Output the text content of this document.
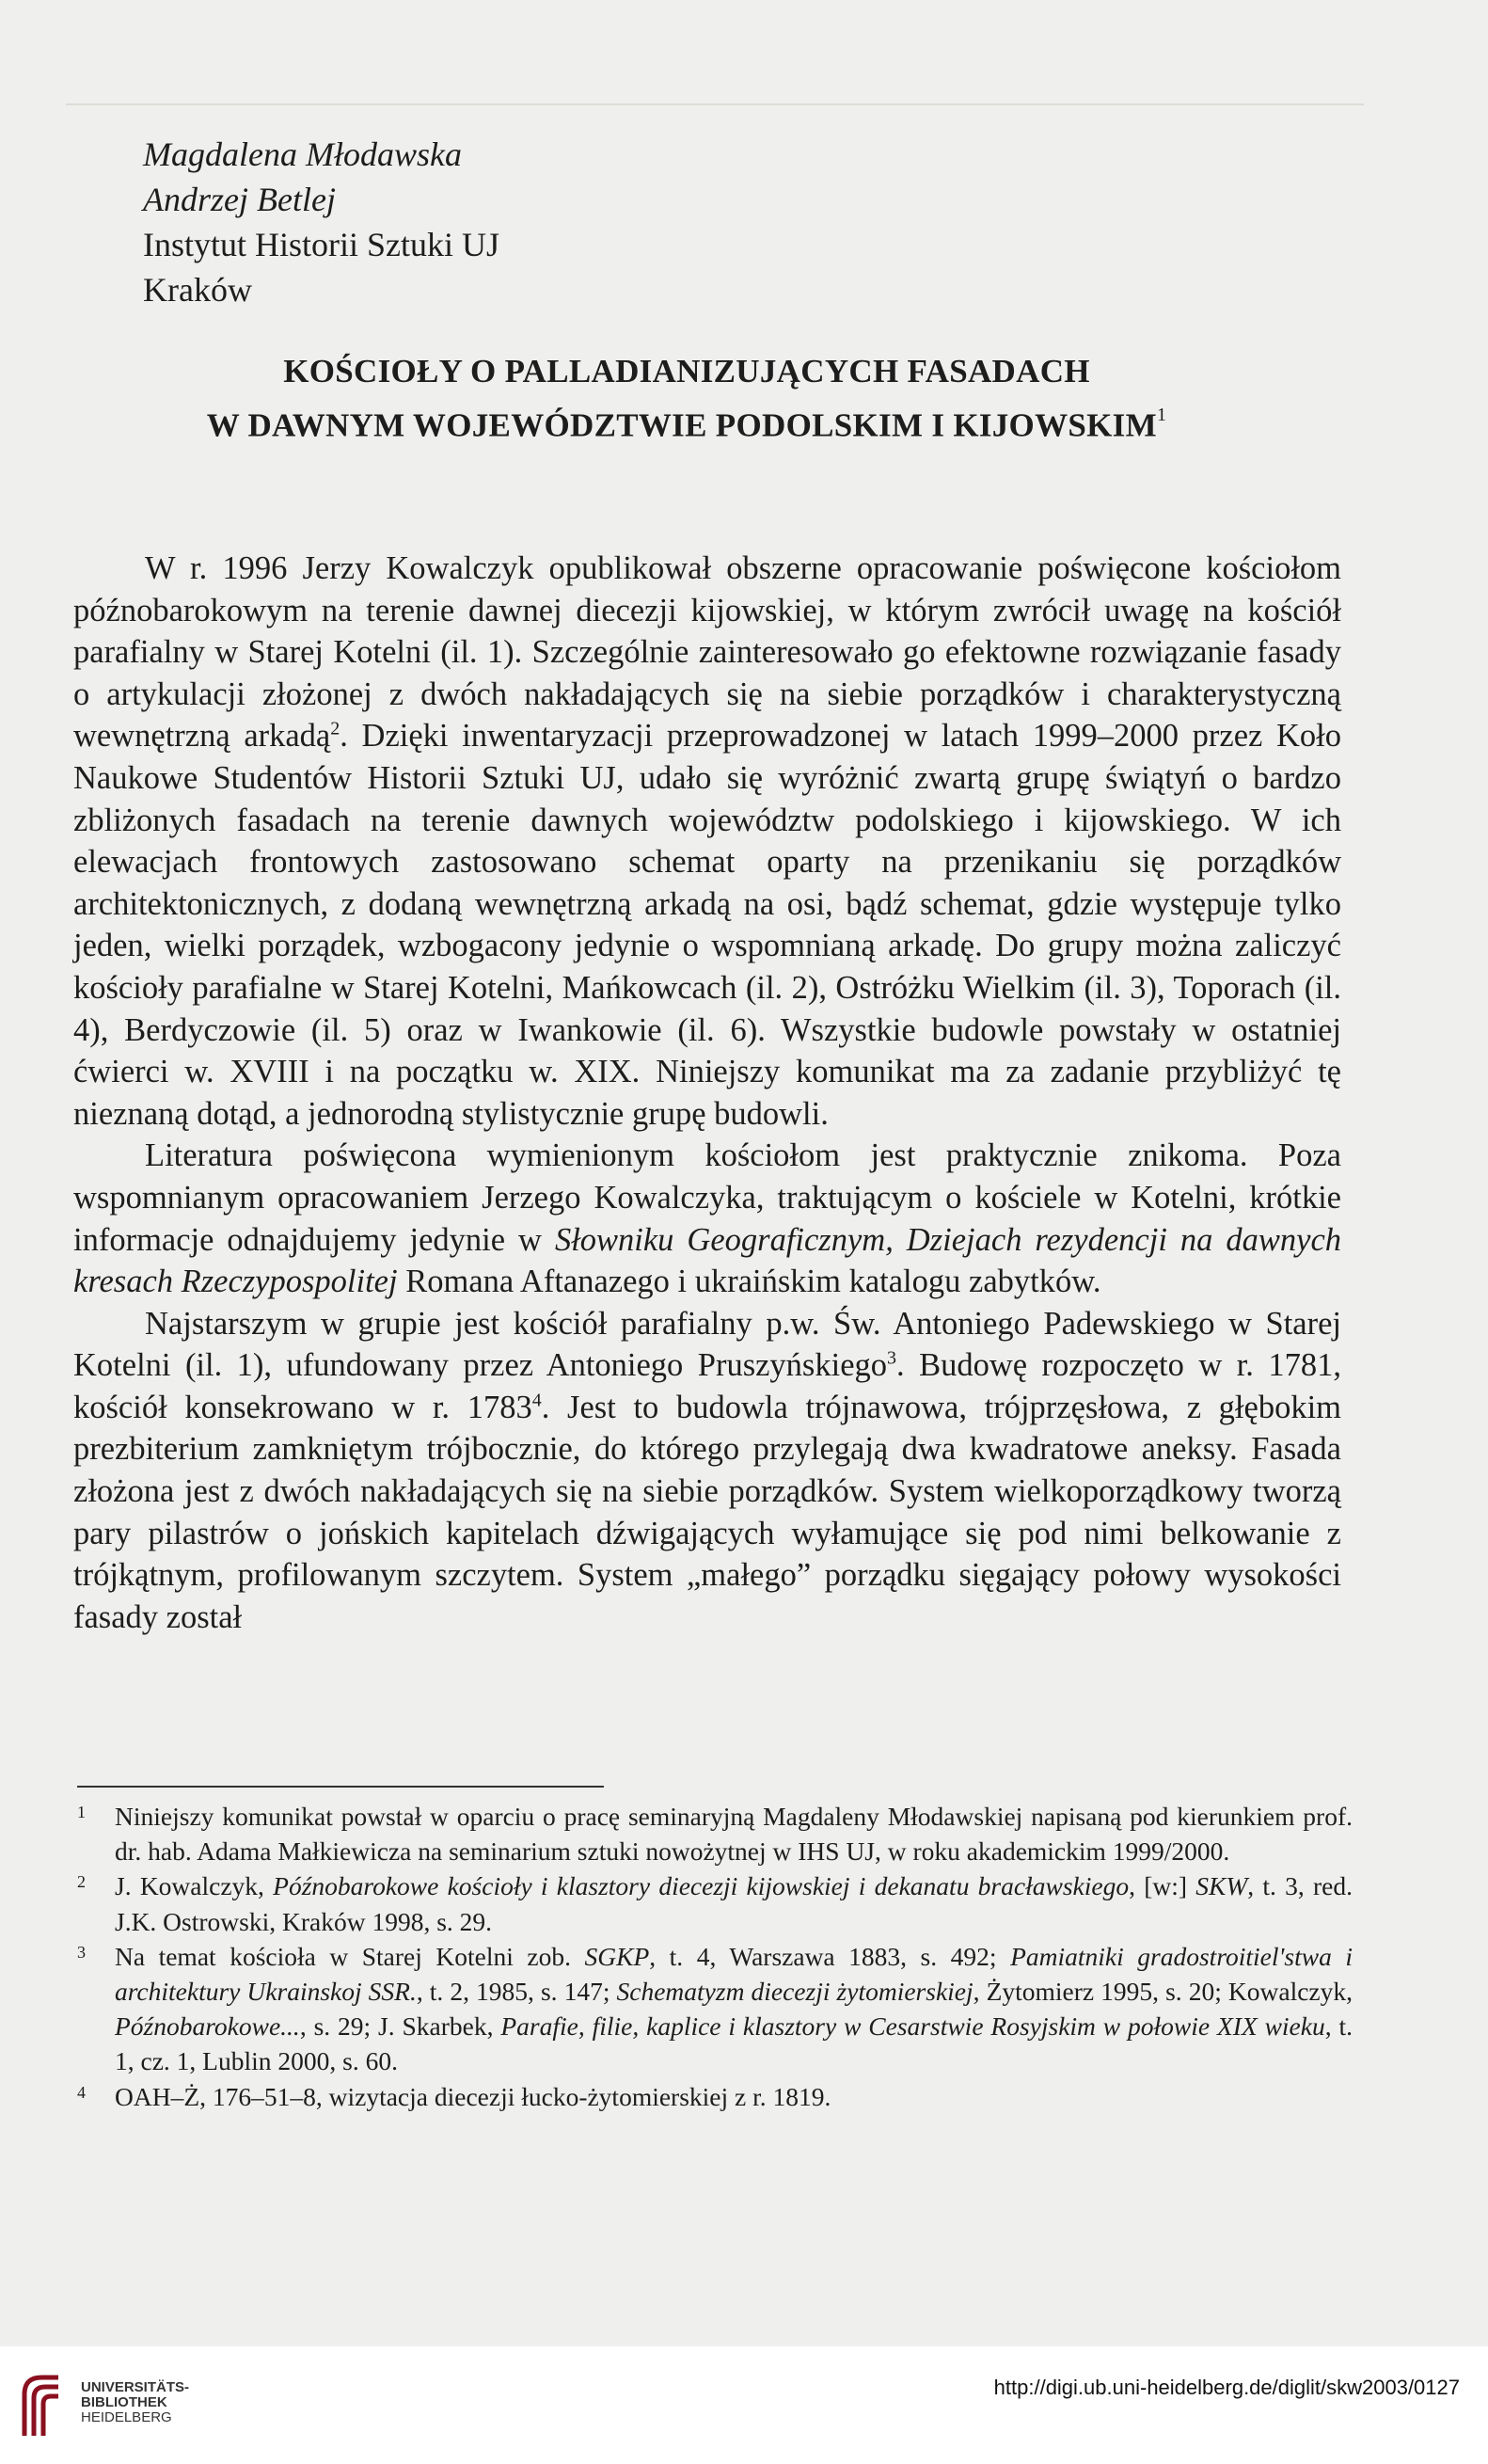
Magdalena Młodawska
Andrzej Betlej
Instytut Historii Sztuki UJ
Kraków
KOŚCIOŁY O PALLADIANIZUJĄCYCH FASADACH
W DAWNYM WOJEWÓDZTWIE PODOLSKIM I KIJOWSKIM$^1$

W r. 1996 Jerzy Kowalczyk opublikował obszerne opracowanie poświęcone kościołom późnobarokowym na terenie dawnej diecezji kijowskiej, w którym zwrócił uwagę na kościół parafialny w Starej Kotelni (il. 1). Szczególnie zainteresowało go efektowne rozwiązanie fasady o artykulacji złożonej z dwóch nakładających się na siebie porządków i charakterystyczną wewnętrzną arkadą$^2$. Dzięki inwentaryzacji przeprowadzonej w latach 1999–2000 przez Koło Naukowe Studentów Historii Sztuki UJ, udało się wyróżnić zwartą grupę świątyń o bardzo zbliżonych fasadach na terenie dawnych województw podolskiego i kijowskiego. W ich elewacjach frontowych zastosowano schemat oparty na przenikaniu się porządków architektonicznych, z dodaną wewnętrzną arkadą na osi, bądź schemat, gdzie występuje tylko jeden, wielki porządek, wzbogacony jedynie o wspomnianą arkadę. Do grupy można zaliczyć kościoły parafialne w Starej Kotelni, Mańkowcach (il. 2), Ostróżku Wielkim (il. 3), Toporach (il. 4), Berdyczowie (il. 5) oraz w Iwankowie (il. 6). Wszystkie budowle powstały w ostatniej ćwierci w. XVIII i na początku w. XIX. Niniejszy komunikat ma za zadanie przybliżyć tę nieznaną dotąd, a jednorodną stylistycznie grupę budowli.

Literatura poświęcona wymienionym kościołom jest praktycznie znikoma. Poza wspomnianym opracowaniem Jerzego Kowalczyka, traktującym o kościele w Kotelni, krótkie informacje odnajdujemy jedynie w Słowniku Geograficznym, Dziejach rezydencji na dawnych kresach Rzeczypospolitej Romana Aftanazego i ukraińskim katalogu zabytków.

Najstarszym w grupie jest kościół parafialny p.w. Św. Antoniego Padewskiego w Starej Kotelni (il. 1), ufundowany przez Antoniego Pruszyńskiego$^3$. Budowę rozpoczęto w r. 1781, kościół konsekrowano w r. 1783$^4$. Jest to budowla trójnawowa, trójprzęsłowa, z głębokim prezbiterium zamkniętym trójbocznie, do którego przylegają dwa kwadratowe aneksy. Fasada złożona jest z dwóch nakładających się na siebie porządków. System wielkoporządkowy tworzą pary pilastrów o jońskich kapitelach dźwigających wyłamujące się pod nimi belkowanie z trójkątnym, profilowanym szczytem. System „małego” porządku sięgający połowy wysokości fasady został

1 Niniejszy komunikat powstał w oparciu o pracę seminaryjną Magdaleny Młodawskiej napisaną pod kierunkiem prof. dr. hab. Adama Małkiewicza na seminarium sztuki nowożytnej w IHS UJ, w roku akademickim 1999/2000.
2 J. Kowalczyk, Późnobarokowe kościoły i klasztory diecezji kijowskiej i dekanatu bracławskiego, [w:] SKW, t. 3, red. J.K. Ostrowski, Kraków 1998, s. 29.
3 Na temat kościoła w Starej Kotelni zob. SGKP, t. 4, Warszawa 1883, s. 492; Pamiatniki gradostroitiel'stwa i architektury Ukrainskoj SSR., t. 2, 1985, s. 147; Schematyzm diecezji żytomierskiej, Żytomierz 1995, s. 20; Kowalczyk, Późnobarokowe..., s. 29; J. Skarbek, Parafie, filie, kaplice i klasztory w Cesarstwie Rosyjskim w połowie XIX wieku, t. 1, cz. 1, Lublin 2000, s. 60.
4 OAH–Ż, 176–51–8, wizytacja diecezji łucko-żytomierskiej z r. 1819.
UNIVERSITÄTS-
BIBLIOTHEK
HEIDELBERG
http://digi.ub.uni-heidelberg.de/diglit/skw2003/0127
